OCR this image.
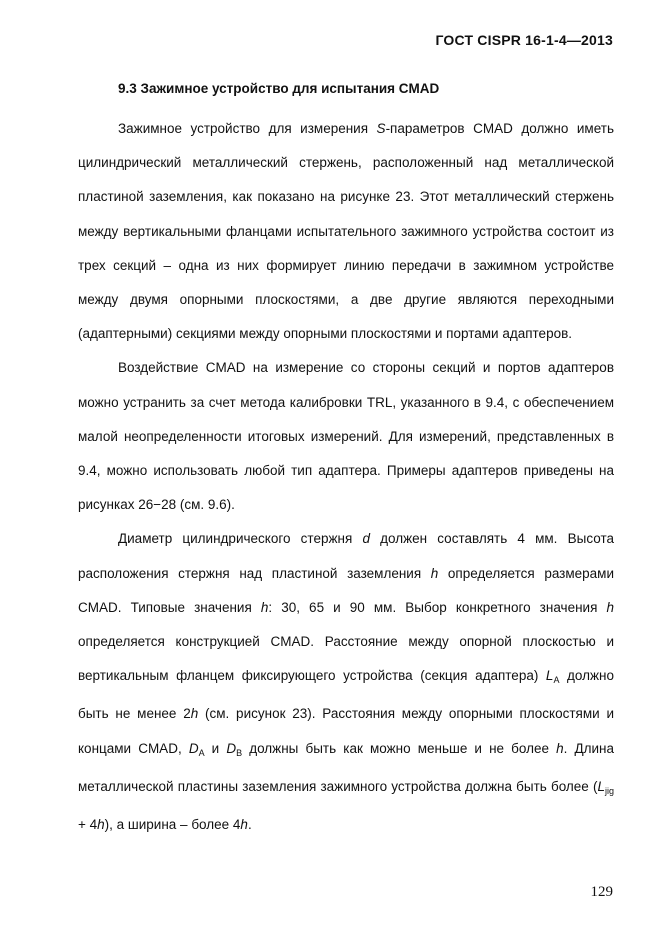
ГОСТ CISPR 16-1-4—2013
9.3 Зажимное устройство для испытания CMAD

Зажимное устройство для измерения S-параметров CMAD должно иметь цилиндрический металлический стержень, расположенный над металлической пластиной заземления, как показано на рисунке 23. Этот металлический стержень между вертикальными фланцами испытательного зажимного устройства состоит из трех секций – одна из них формирует линию передачи в зажимном устройстве между двумя опорными плоскостями, а две другие являются переходными (адаптерными) секциями между опорными плоскостями и портами адаптеров.

Воздействие CMAD на измерение со стороны секций и портов адаптеров можно устранить за счет метода калибровки TRL, указанного в 9.4, с обеспечением малой неопределенности итоговых измерений. Для измерений, представленных в 9.4, можно использовать любой тип адаптера. Примеры адаптеров приведены на рисунках 26−28 (см. 9.6).

Диаметр цилиндрического стержня d должен составлять 4 мм. Высота расположения стержня над пластиной заземления h определяется размерами CMAD. Типовые значения h: 30, 65 и 90 мм. Выбор конкретного значения h определяется конструкцией CMAD. Расстояние между опорной плоскостью и вертикальным фланцем фиксирующего устройства (секция адаптера) $L_A$ должно быть не менее 2h (см. рисунок 23). Расстояния между опорными плоскостями и концами CMAD, $D_A$ и $D_B$ должны быть как можно меньше и не более h. Длина металлической пластины заземления зажимного устройства должна быть более $(L_{jig} + 4h)$, а ширина – более 4h.

129
